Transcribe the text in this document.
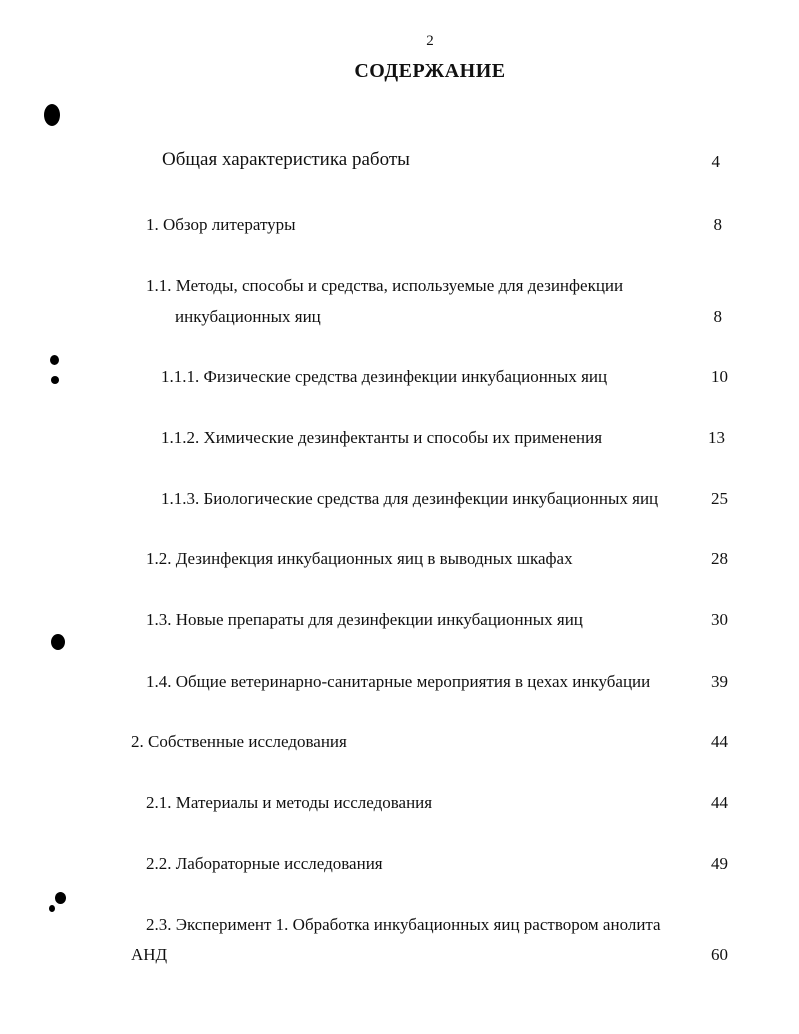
2
СОДЕРЖАНИЕ
Общая характеристика работы	4
1. Обзор литературы	8
1.1. Методы, способы и средства, используемые для дезинфекции
инкубационных яиц	8
1.1.1. Физические средства дезинфекции инкубационных яиц	10
1.1.2. Химические дезинфектанты и способы их применения	13
1.1.3. Биологические средства для дезинфекции инкубационных яиц	25
1.2. Дезинфекция инкубационных яиц в выводных шкафах	28
1.3. Новые препараты для дезинфекции инкубационных яиц	30
1.4. Общие ветеринарно-санитарные мероприятия в цехах инкубации	39
2. Собственные исследования	44
2.1. Материалы и методы исследования	44
2.2. Лабораторные исследования	49
2.3. Эксперимент 1. Обработка инкубационных яиц раствором анолита
АНД	60
